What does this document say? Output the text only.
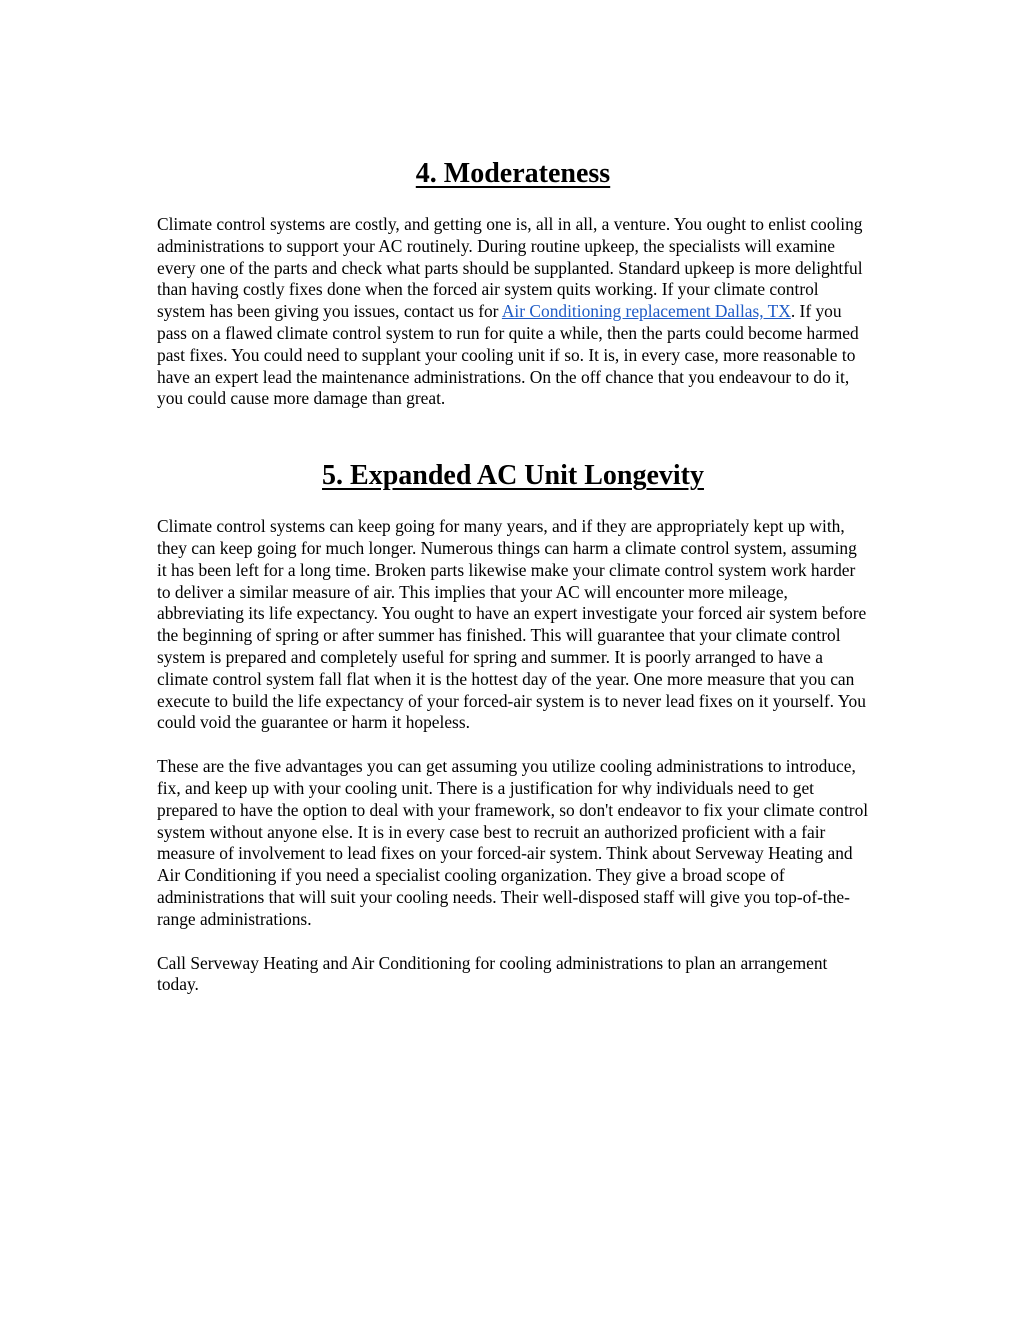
4. Moderateness

Climate control systems are costly, and getting one is, all in all, a venture. You ought to enlist cooling administrations to support your AC routinely. During routine upkeep, the specialists will examine every one of the parts and check what parts should be supplanted. Standard upkeep is more delightful than having costly fixes done when the forced air system quits working. If your climate control system has been giving you issues, contact us for Air Conditioning replacement Dallas, TX. If you pass on a flawed climate control system to run for quite a while, then the parts could become harmed past fixes. You could need to supplant your cooling unit if so. It is, in every case, more reasonable to have an expert lead the maintenance administrations. On the off chance that you endeavour to do it, you could cause more damage than great.

5. Expanded AC Unit Longevity

Climate control systems can keep going for many years, and if they are appropriately kept up with, they can keep going for much longer. Numerous things can harm a climate control system, assuming it has been left for a long time. Broken parts likewise make your climate control system work harder to deliver a similar measure of air. This implies that your AC will encounter more mileage, abbreviating its life expectancy. You ought to have an expert investigate your forced air system before the beginning of spring or after summer has finished. This will guarantee that your climate control system is prepared and completely useful for spring and summer. It is poorly arranged to have a climate control system fall flat when it is the hottest day of the year. One more measure that you can execute to build the life expectancy of your forced-air system is to never lead fixes on it yourself. You could void the guarantee or harm it hopeless.

These are the five advantages you can get assuming you utilize cooling administrations to introduce, fix, and keep up with your cooling unit. There is a justification for why individuals need to get prepared to have the option to deal with your framework, so don't endeavor to fix your climate control system without anyone else. It is in every case best to recruit an authorized proficient with a fair measure of involvement to lead fixes on your forced-air system. Think about Serveway Heating and Air Conditioning if you need a specialist cooling organization. They give a broad scope of administrations that will suit your cooling needs. Their well-disposed staff will give you top-of-the-range administrations.

Call Serveway Heating and Air Conditioning for cooling administrations to plan an arrangement today.
